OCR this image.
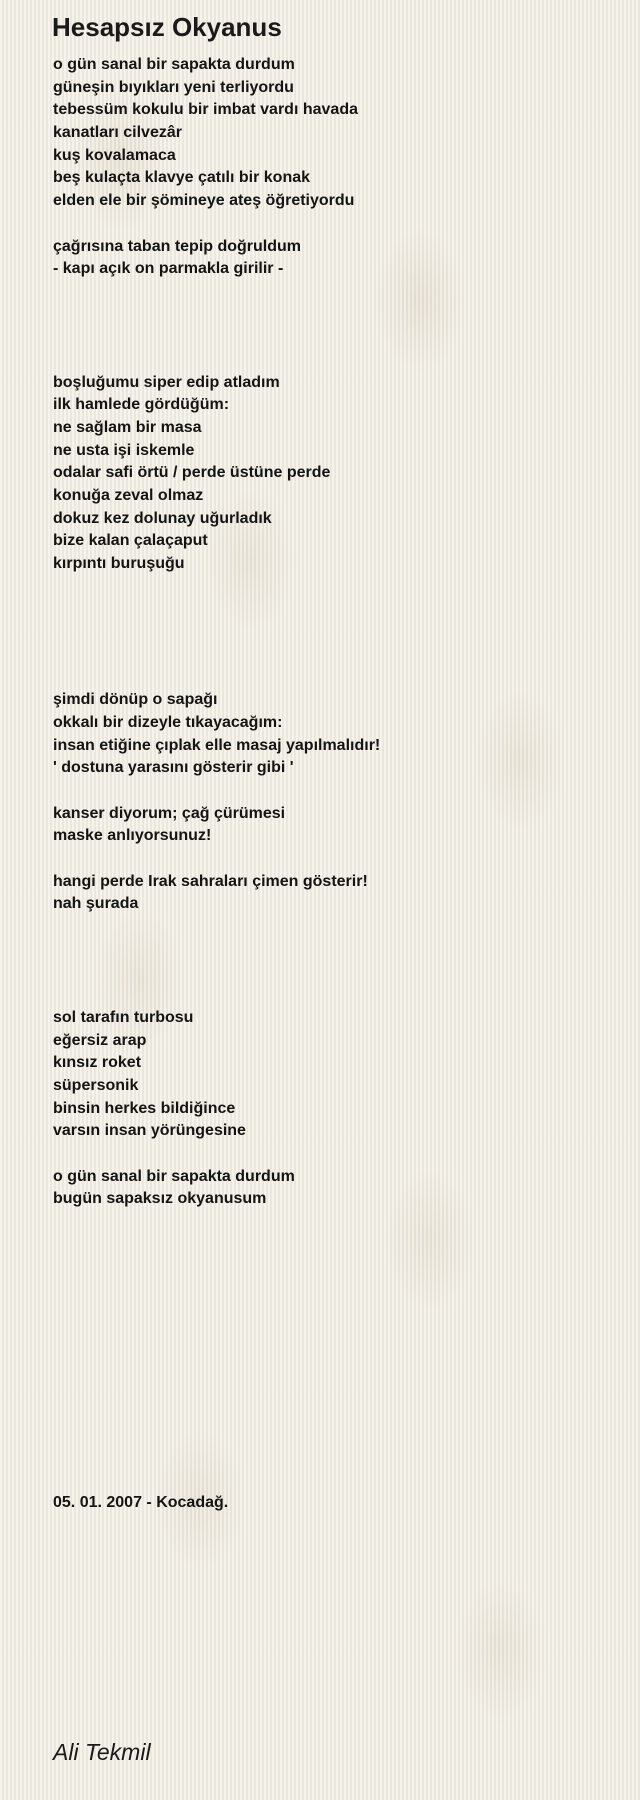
Hesapsız Okyanus
o gün sanal bir sapakta durdum
güneşin bıyıkları yeni terliyordu
tebessüm kokulu bir imbat vardı havada
kanatları cilvezâr
kuş kovalamaca
beş kulaçta klavye çatılı bir konak
elden ele bir şömineye ateş öğretiyordu

çağrısına taban tepip doğruldum
- kapı açık on parmakla girilir -

boşluğumu siper edip atladım
ilk hamlede gördüğüm:
ne sağlam bir masa
ne usta işi iskemle
odalar safi örtü / perde üstüne perde
konuğa zeval olmaz
dokuz kez dolunay uğurladık
bize kalan çalaçaput
kırpıntı buruşuğu

şimdi dönüp o sapağı
okkalı bir dizeyle tıkayacağım:
insan etiğine çıplak elle masaj yapılmalıdır!
' dostuna yarasını gösterir gibi '

kanser diyorum; çağ çürümesi
maske anlıyorsunuz!

hangi perde Irak sahraları çimen gösterir!
nah şurada

sol tarafın turbosu
eğersiz arap
kınsız roket
süpersonik
binsin herkes bildiğince
varsın insan yörüngesine

o gün sanal bir sapakta durdum
bugün sapaksız okyanusum
05. 01. 2007 - Kocadağ.
Ali Tekmil
